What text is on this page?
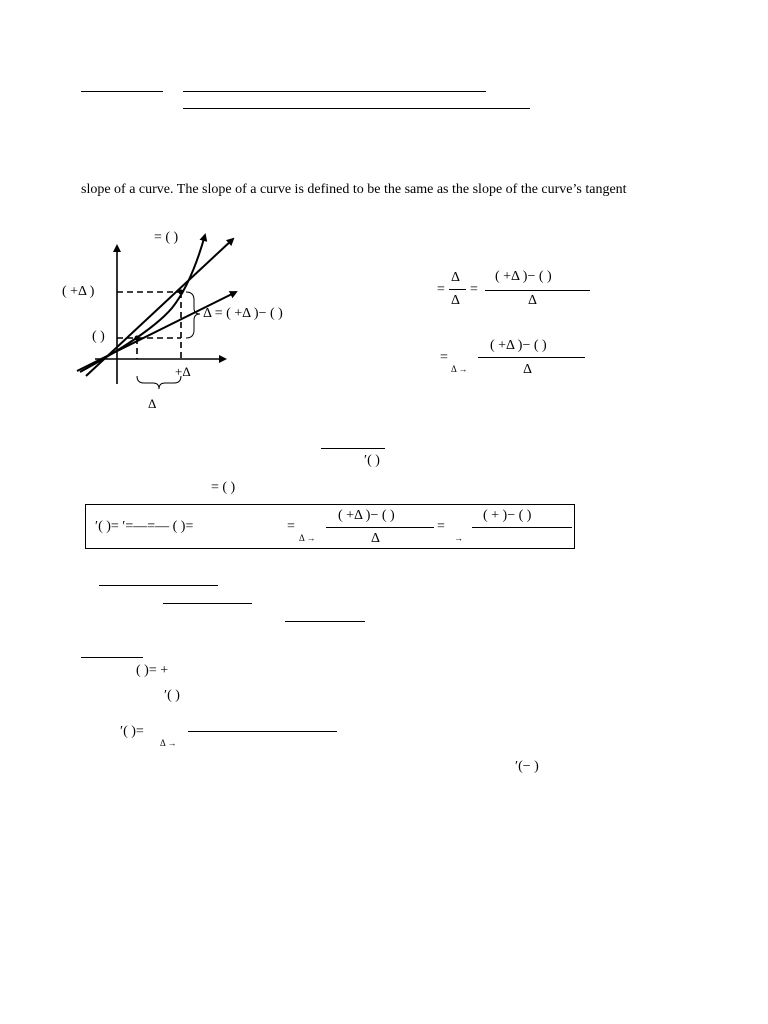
slope of a curve. The slope of a curve is defined to be the same as the slope of the curve’s tangent
= ( )
( +Δ )
( )
Δ = ( +Δ )− ( )
+Δ
Δ
=
Δ
Δ
=
( +Δ )− ( )
Δ
=
Δ →
( +Δ )− ( )
Δ
′( )
= ( )
′( )= ′=—=— ( )=	=
Δ →
( +Δ )− ( )
Δ
=
→
( + )− ( )
( )= +
′( )
′( )=
Δ →
′(− )
